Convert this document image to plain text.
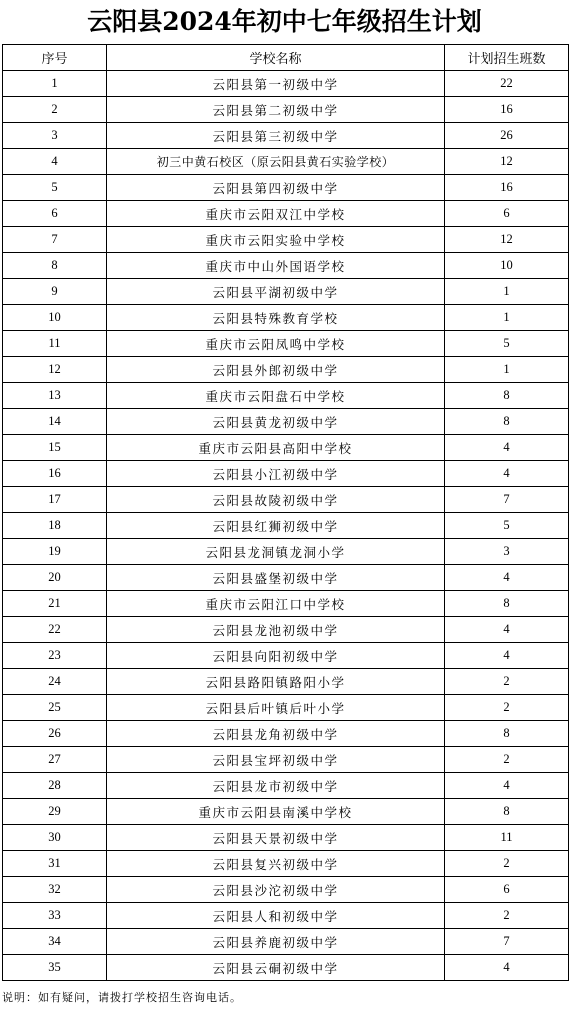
云阳县2024年初中七年级招生计划
序号	学校名称	计划招生班数
1	云阳县第一初级中学	22
2	云阳县第二初级中学	16
3	云阳县第三初级中学	26
4	初三中黄石校区（原云阳县黄石实验学校）	12
5	云阳县第四初级中学	16
6	重庆市云阳双江中学校	6
7	重庆市云阳实验中学校	12
8	重庆市中山外国语学校	10
9	云阳县平湖初级中学	1
10	云阳县特殊教育学校	1
11	重庆市云阳凤鸣中学校	5
12	云阳县外郎初级中学	1
13	重庆市云阳盘石中学校	8
14	云阳县黄龙初级中学	8
15	重庆市云阳县高阳中学校	4
16	云阳县小江初级中学	4
17	云阳县故陵初级中学	7
18	云阳县红狮初级中学	5
19	云阳县龙洞镇龙洞小学	3
20	云阳县盛堡初级中学	4
21	重庆市云阳江口中学校	8
22	云阳县龙池初级中学	4
23	云阳县向阳初级中学	4
24	云阳县路阳镇路阳小学	2
25	云阳县后叶镇后叶小学	2
26	云阳县龙角初级中学	8
27	云阳县宝坪初级中学	2
28	云阳县龙市初级中学	4
29	重庆市云阳县南溪中学校	8
30	云阳县天景初级中学	11
31	云阳县复兴初级中学	2
32	云阳县沙沱初级中学	6
33	云阳县人和初级中学	2
34	云阳县养鹿初级中学	7
35	云阳县云硐初级中学	4
说明：如有疑问，请拨打学校招生咨询电话。
